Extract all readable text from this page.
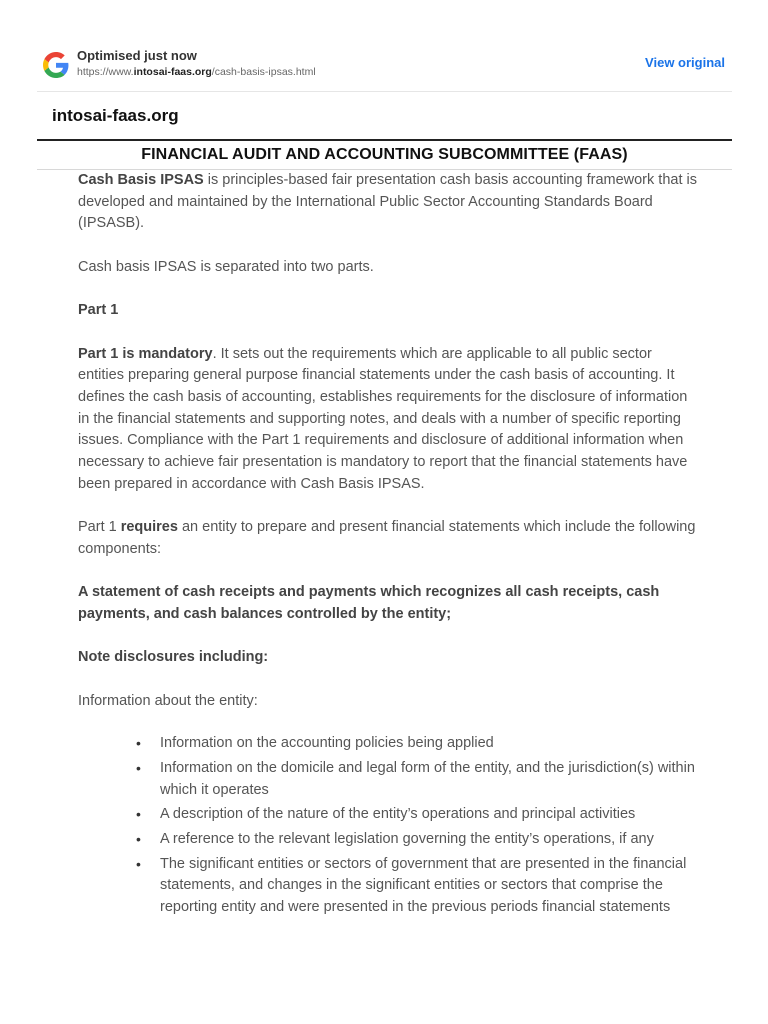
Optimised just now
https://www.intosai-faas.org/cash-basis-ipsas.html
View original
intosai-faas.org
FINANCIAL AUDIT AND ACCOUNTING SUBCOMMITTEE (FAAS)

Cash Basis IPSAS is principles-based fair presentation cash basis accounting framework that is developed and maintained by the International Public Sector Accounting Standards Board (IPSASB).

Cash basis IPSAS is separated into two parts.

Part 1

Part 1 is mandatory. It sets out the requirements which are applicable to all public sector entities preparing general purpose financial statements under the cash basis of accounting. It defines the cash basis of accounting, establishes requirements for the disclosure of information in the financial statements and supporting notes, and deals with a number of specific reporting issues. Compliance with the Part 1 requirements and disclosure of additional information when necessary to achieve fair presentation is mandatory to report that the financial statements have been prepared in accordance with Cash Basis IPSAS.

Part 1 requires an entity to prepare and present financial statements which include the following components:

A statement of cash receipts and payments which recognizes all cash receipts, cash payments, and cash balances controlled by the entity;

Note disclosures including:

Information about the entity:

• Information on the accounting policies being applied
• Information on the domicile and legal form of the entity, and the jurisdiction(s) within which it operates
• A description of the nature of the entity’s operations and principal activities
• A reference to the relevant legislation governing the entity’s operations, if any
• The significant entities or sectors of government that are presented in the financial statements, and changes in the significant entities or sectors that comprise the reporting entity and were presented in the previous periods financial statements
